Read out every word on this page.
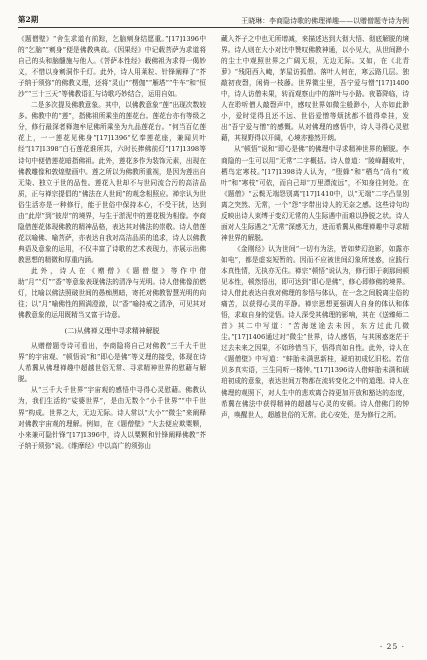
第2期	王晓琳：李商隐诗歌的佛理禅趣——以赠僧题寺诗为例

《题僧壁》“舍生求道有前踪，乞脑剜身结愿重。”[17]1396中的“乞脑”“剜身”便是佛教典故。《因果经》中记载菩萨为求道将自己的头和脑髓施与他人。《菩萨本性经》载佛祖为求得一偈妙义，不惜以身剜洞作千灯。此外，诗人用莱粒、针锋阐释了“芥子纳于须弥”的佛教义理，还将“灵山”“楞伽”“雁塔”“牛车”和“恒沙”“三十三天”等佛教语汇与诗歌巧妙结合，运用自如。

二是多次提及佛教意象。其中，以佛教意象“莲”出现次数较多。佛教中的“莲”，指佛祖所乘坐的莲花台。莲花台亦有等级之分，修行最深者释迦牟尼佛所乘坐为九品莲花台。“何当百亿莲花上，一一莲花见佛身”[17]1396“忆奉莲花座，兼闻贝叶经”[17]1398“白石莲花谁所共，六时长捧佛前灯”[17]1398等诗句中便借莲花暗指佛祖。此外，莲花多作为装饰元素，出现在佛教雕像和敦煌壁画中。莲之所以为佛教所重视，是因为莲出自无染、独立于世的品性。莲花入世却不与世同流合污的高洁品质，正与禅宗提倡的“佛法在人世间”的观念相照应。禅宗认为世俗生活亦是一种修行，能于世俗中保持本心，不受干扰，达到由“此岸”到“彼岸”的境界，与生于淤泥中的莲花极为相像。李商隐借莲花体现佛教的精神品格，表达其对佛法的崇敬。诗人借莲花以喻佛、喻菩萨，亦表达自我对高洁品质的追求，诗人以佛教典语及意象的运用，不仅丰富了诗歌的艺术表现力，亦展示出佛教思想的精微和厚重内涵。

此外，诗人在《赠僧》《题僧壁》等作中借助“月”“灯”“香”等意象表现佛法的清净与光明。诗人借佛像前燃灯，比喻以佛法照破世间的愚痴黑暗，寄托对佛教智慧光明的向往；以“月”喻佛性的圆满澄澈，以“香”喻持戒之清净，可见其对佛教意象的运用既精当又富于诗意。

(二)从佛禅义理中寻求精神解脱

从赠僧题寺诗可看出，李商隐将自己对佛教“三千大千世界”的宇宙观、“顿悟说”和“即心是佛”等义理的接受，体现在诗人希冀从佛理禅趣中超越世俗无常、寻求精神世界的慰藉与解脱。

从“三千大千世界”宇宙观的感悟中寻得心灵慰藉。佛教认为，我们生活的“娑婆世界”，是由无数个“小千世界”“中千世界”构成。世界之大，无边无际。诗人常以“大小”“微尘”来阐释对佛教宇宙观的理解。例如，在《题僧壁》“大去便应欺粟颗，小来兼可隐针锋”[17]1396中，诗人以粟颗和针锋阐释佛教“芥子纳于须弥”说。《维摩经》中以高广的须弥山

藏入芥子之中也无所增减，来描述达到大彻大悟、彻底解脱的境界。诗人则在大小对比中赞叹佛教神通，以小见大，从世间渺小的尘土中观照世界之广阔无垠，无边无际。又如，在《北青萝》“残阳西入崦，茅屋访孤僧。落叶人何在，寒云路几层。独敲初夜磬，闲倚一枝藤。世界微尘里，吾宁爱与憎”[17]1400中，诗人访僧未果，转而观察山中的落叶与小路。夜幕降临，诗人在聆听僧人敲磬声中，感叹世界如微尘般渺小，人亦如此渺小，爱时觉得且还不远、世俗爱憎等烦扰都不值得牵挂，发出“吾宁爱与憎”的感慨。从对佛理的感悟中，诗人寻得心灵慰藉，其视野得以开阔，心境亦豁然开朗。

从“顿悟”说和“即心是佛”的佛理中寻求精神世界的解脱。李商隐的一生可以用“无常”二字概括。诗人曾道：“陵峰翻败叶，栖鸟定寒枝。”[17]1398诗人认为，“堕蜂”和“栖鸟”尚有“败叶”和“寒枝”可依，而自己却“万里漂流远”，不知身往何处。在《题僧》“云鬓无端怨别离”[17]1410中，以“无端”二字凸显别离之突然、无常，一个“怨”字带出诗人的无奈之感。这些诗句均反映出诗人束缚于变幻无常的人生际遇中而难以挣脱之状。诗人面对人生际遇之“无常”深感无力，进而希冀从佛理禅趣中寻求精神世界的解脱。

《金刚经》认为世间“一切有为法，皆如梦幻泡影，如露亦如电”，都是虚妄短暂的。因而不应被世间幻象所迷惑，应践行本真性情，无执亦无住。禅宗“顿悟”说认为，修行即于刹那间顿见本性，顿然悟出，即可达到“即心是佛”，修心即修佛的境界。诗人借此表达自我对佛理的参悟与体认，在一念之间脱离尘俗的痛苦，以获得心灵的平静。禅宗思想更强调人自身的体认和体悟，求取自身的觉悟。诗人深受其佛理的影响，其在《送臻师二首》其二中写道：“苦海迷途去未因，东方过此几微尘。”[17]1406通过对“微尘”世界，诗人感悟，与其困惑迷茫于过去未来之因果，不如珍惜当下，悟得真如自性。此外，诗人在《题僧壁》中写道：“蚌胎未满思新桂，琥珀初成忆旧松。若信贝多真实语，三生同听一楼钟。”[17]1396诗人借蚌胎未满和琥珀初成的意象，表达世间万物都在流转变化之中的道理。诗人在佛理的观照下，对人生中的悲欢离合持更加开放和豁达的态度，希冀在佛法中获得精神的超越与心灵的安顿。诗人借佛门的钟声，唤醒世人，超越世俗的无常。此心安处，是为修行之所。

· 25 ·
